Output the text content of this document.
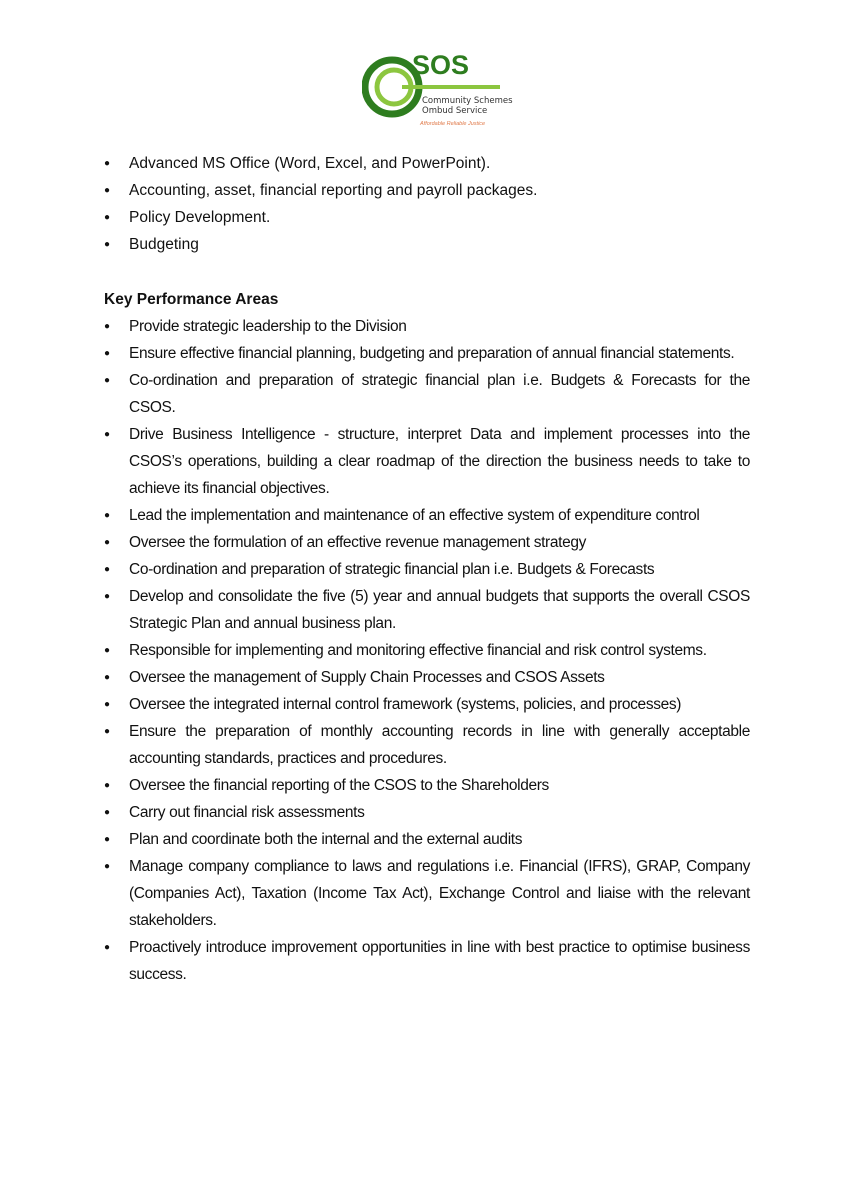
SOS
Community Schemes
Ombud Service
Affordable Reliable Justice
● Advanced MS Office (Word, Excel, and PowerPoint).
● Accounting, asset, financial reporting and payroll packages.
● Policy Development.
● Budgeting
Key Performance Areas
● Provide strategic leadership to the Division
● Ensure effective financial planning, budgeting and preparation of annual financial statements.
● Co-ordination and preparation of strategic financial plan i.e. Budgets & Forecasts for the CSOS.
● Drive Business Intelligence - structure, interpret Data and implement processes into the CSOS’s operations, building a clear roadmap of the direction the business needs to take to achieve its financial objectives.
● Lead the implementation and maintenance of an effective system of expenditure control
● Oversee the formulation of an effective revenue management strategy
● Co-ordination and preparation of strategic financial plan i.e. Budgets & Forecasts
● Develop and consolidate the five (5) year and annual budgets that supports the overall CSOS Strategic Plan and annual business plan.
● Responsible for implementing and monitoring effective financial and risk control systems.
● Oversee the management of Supply Chain Processes and CSOS Assets
● Oversee the integrated internal control framework (systems, policies, and processes)
● Ensure the preparation of monthly accounting records in line with generally acceptable accounting standards, practices and procedures.
● Oversee the financial reporting of the CSOS to the Shareholders
● Carry out financial risk assessments
● Plan and coordinate both the internal and the external audits
● Manage company compliance to laws and regulations i.e. Financial (IFRS), GRAP, Company (Companies Act), Taxation (Income Tax Act), Exchange Control and liaise with the relevant stakeholders.
● Proactively introduce improvement opportunities in line with best practice to optimise business success.
